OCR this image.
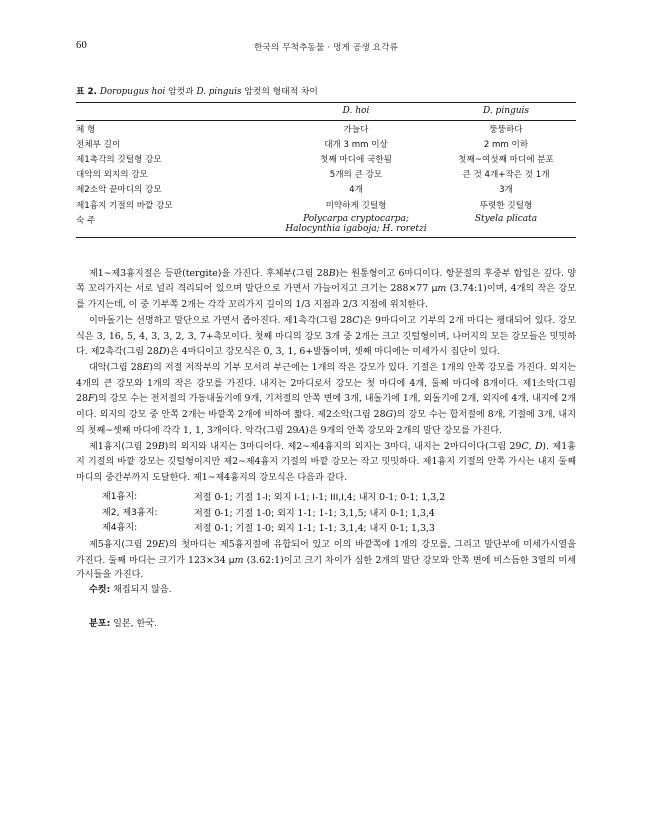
60	한국의 무척추동물 · 멍게 공생 요각류
표 2. Doropugus hoi 암컷과 D. pinguis 암컷의 형태적 차이
	D. hoi	D. pinguis
체 형	가늘다	뚱뚱하다
전체부 길이	대개 3 mm 이상	2 mm 이하
제1촉각의 깃털형 강모	첫째 마디에 국한됨	첫째~여섯째 마디에 분포
대악의 외지의 강모	5개의 큰 강모	큰 것 4개+작은 것 1개
제2소악 끝마디의 강모	4개	3개
제1흉지 기절의 바깥 강모	미약하게 깃털형	뚜렷한 깃털형
숙 주	Polycarpa cryptocarpa;
Halocynthia igaboja; H. roretzi	Styela plicata

제1~제3흉지절은 등판(tergite)을 가진다. 후체부(그림 28B)는 원통형이고 6마디이다. 항문절의 후중부 함입은 깊다. 양쪽 꼬리가지는 서로 널리 격리되어 있으며 말단으로 가면서 가늘어지고 크기는 288×77 μm (3.74:1)이며, 4개의 작은 강모를 가지는데, 이 중 기부쪽 2개는 각각 꼬리가지 길이의 1/3 지점과 2/3 지점에 위치한다.

이마돌기는 선명하고 말단으로 가면서 좁아진다. 제1촉각(그림 28C)은 9마디이고 기부의 2개 마디는 팽대되어 있다. 강모식은 3, 16, 5, 4, 3, 3, 2, 3, 7+촉모이다. 첫째 마디의 강모 3개 중 2개는 크고 깃털형이며, 나머지의 모든 강모들은 밋밋하다. 제2촉각(그림 28D)은 4마디이고 강모식은 0, 3, 1, 6+발톱이며, 셋째 마디에는 미세가시 집단이 있다.

대악(그림 28E)의 저절 저작부의 기부 모서리 부근에는 1개의 작은 강모가 있다. 기절은 1개의 안쪽 강모를 가진다. 외지는 4개의 큰 강모와 1개의 작은 강모를 가진다. 내지는 2마디로서 강모는 첫 마디에 4개, 둘째 마디에 8개이다. 제1소악(그림 28F)의 강모 수는 전저절의 가동내돌기에 9개, 기저절의 안쪽 변에 3개, 내돌기에 1개, 외돌기에 2개, 외지에 4개, 내지에 2개이다. 외지의 강모 중 안쪽 2개는 바깥쪽 2개에 비하여 짧다. 제2소악(그림 28G)의 강모 수는 합저절에 8개, 기절에 3개, 내지의 첫째~셋째 마디에 각각 1, 1, 3개이다. 악각(그림 29A)은 9개의 안쪽 강모와 2개의 말단 강모를 가진다.

제1흉지(그림 29B)의 외지와 내지는 3마디이다. 제2~제4흉지의 외지는 3마디, 내지는 2마디이다(그림 29C, D). 제1흉지 기절의 바깥 강모는 깃털형이지만 제2~제4흉지 기절의 바깥 강모는 작고 밋밋하다. 제1흉지 기절의 안쪽 가시는 내지 둘째 마디의 중간부까지 도달한다. 제1~제4흉지의 강모식은 다음과 같다.

제1흉지:	저절 0-1; 기절 1-I; 외지 I-1; I-1; III,I,4; 내지 0-1; 0-1; 1,3,2
제2, 제3흉지:	저절 0-1; 기절 1-0; 외지 1-1; 1-1; 3,1,5; 내지 0-1; 1,3,4
제4흉지:	저절 0-1; 기절 1-0; 외지 1-1; 1-1; 3,1,4; 내지 0-1; 1,3,3

제5흉지(그림 29E)의 첫마디는 제5흉지절에 유합되어 있고 이의 바깥쪽에 1개의 강모를, 그리고 말단부에 미세가시열을 가진다. 둘째 마디는 크기가 123×34 μm (3.62:1)이고 크기 차이가 심한 2개의 말단 강모와 안쪽 변에 비스듬한 3열의 미세가시들을 가진다.

수컷: 채집되지 않음.

분포: 일본, 한국.
